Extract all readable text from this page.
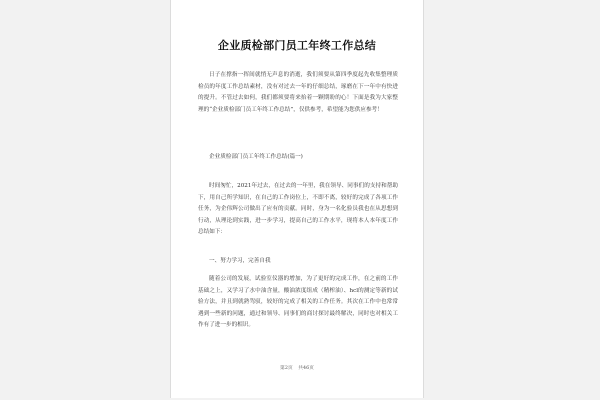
企业质检部门员工年终工作总结
日子在撑指一挥间就悄无声息的消逝，我们须要从第四季度起先收集整理质检员的年度工作总结素材，没有对过去一年的仔细总结，琢磨在下一年中有快进的提升。不管过去如何，我们都须要将来抬着一颗期盼的心！下面是我为大家整理的“企业质检部门员工年终工作总结”，仅供参考，希望能为您供应参考！
企业质检部门员工年终工作总结(篇一)
时间匆忙，2021年过去，在过去的一年里，我在领导、同事们的支持和帮助下，用自己所学知识，在自己的工作岗位上，不即不离，较好的完成了各项工作任务，为企伟辉公司做出了应有的贡献。同时，身为一名化验员我也在从思想到行动，从理论到实践，进一步学习，提高自己的工作水平，现将本人本年度工作总结如下：
一、努力学习，完善自我
随着公司的发展，试验室仪器的增加，为了更好的完成工作，在之前的工作基础之上，又学习了水中油含量，酸油浓度组成（精榨油）、hcl的测定等新的试验方法，并且到就熟驾驭，较好的完成了相关的工作任务。其次在工作中也常常遇到一些新的问题，通过和领导、同事们的商讨探讨最终解决，同时也对相关工作有了进一步的相识。
第2页 共46页
